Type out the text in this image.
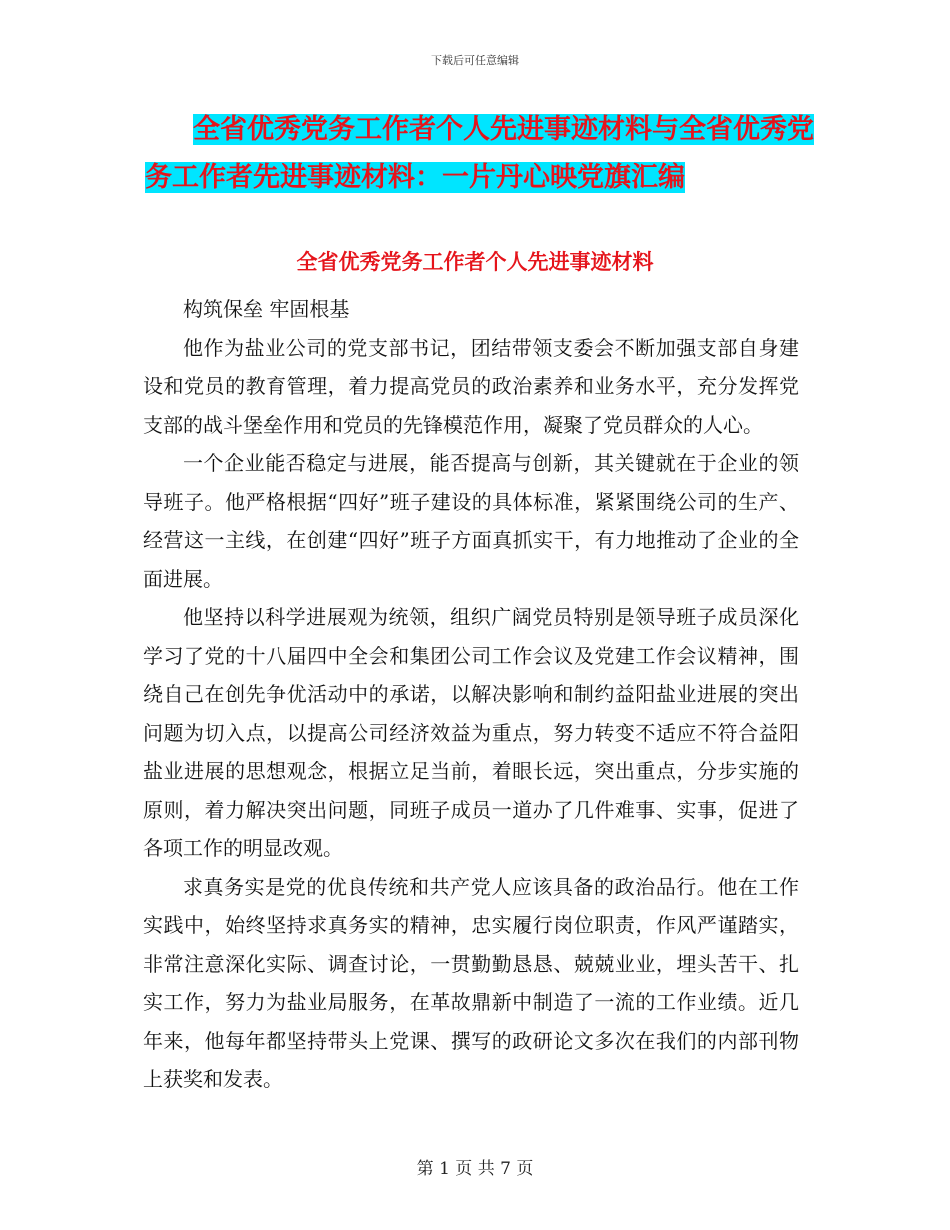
下载后可任意编辑
全省优秀党务工作者个人先进事迹材料与全省优秀党
务工作者先进事迹材料：一片丹心映党旗汇编
全省优秀党务工作者个人先进事迹材料

构筑保垒 牢固根基

他作为盐业公司的党支部书记，团结带领支委会不断加强支部自身建设和党员的教育管理，着力提高党员的政治素养和业务水平，充分发挥党支部的战斗堡垒作用和党员的先锋模范作用，凝聚了党员群众的人心。

一个企业能否稳定与进展，能否提高与创新，其关键就在于企业的领导班子。他严格根据“四好”班子建设的具体标准，紧紧围绕公司的生产、经营这一主线，在创建“四好”班子方面真抓实干，有力地推动了企业的全面进展。

他坚持以科学进展观为统领，组织广阔党员特别是领导班子成员深化学习了党的十八届四中全会和集团公司工作会议及党建工作会议精神，围绕自己在创先争优活动中的承诺，以解决影响和制约益阳盐业进展的突出问题为切入点，以提高公司经济效益为重点，努力转变不适应不符合益阳盐业进展的思想观念，根据立足当前，着眼长远，突出重点，分步实施的原则，着力解决突出问题，同班子成员一道办了几件难事、实事，促进了各项工作的明显改观。

求真务实是党的优良传统和共产党人应该具备的政治品行。他在工作实践中，始终坚持求真务实的精神，忠实履行岗位职责，作风严谨踏实，非常注意深化实际、调查讨论，一贯勤勤恳恳、兢兢业业，埋头苦干、扎实工作，努力为盐业局服务，在革故鼎新中制造了一流的工作业绩。近几年来，他每年都坚持带头上党课、撰写的政研论文多次在我们的内部刊物上获奖和发表。

第 1 页 共 7 页
